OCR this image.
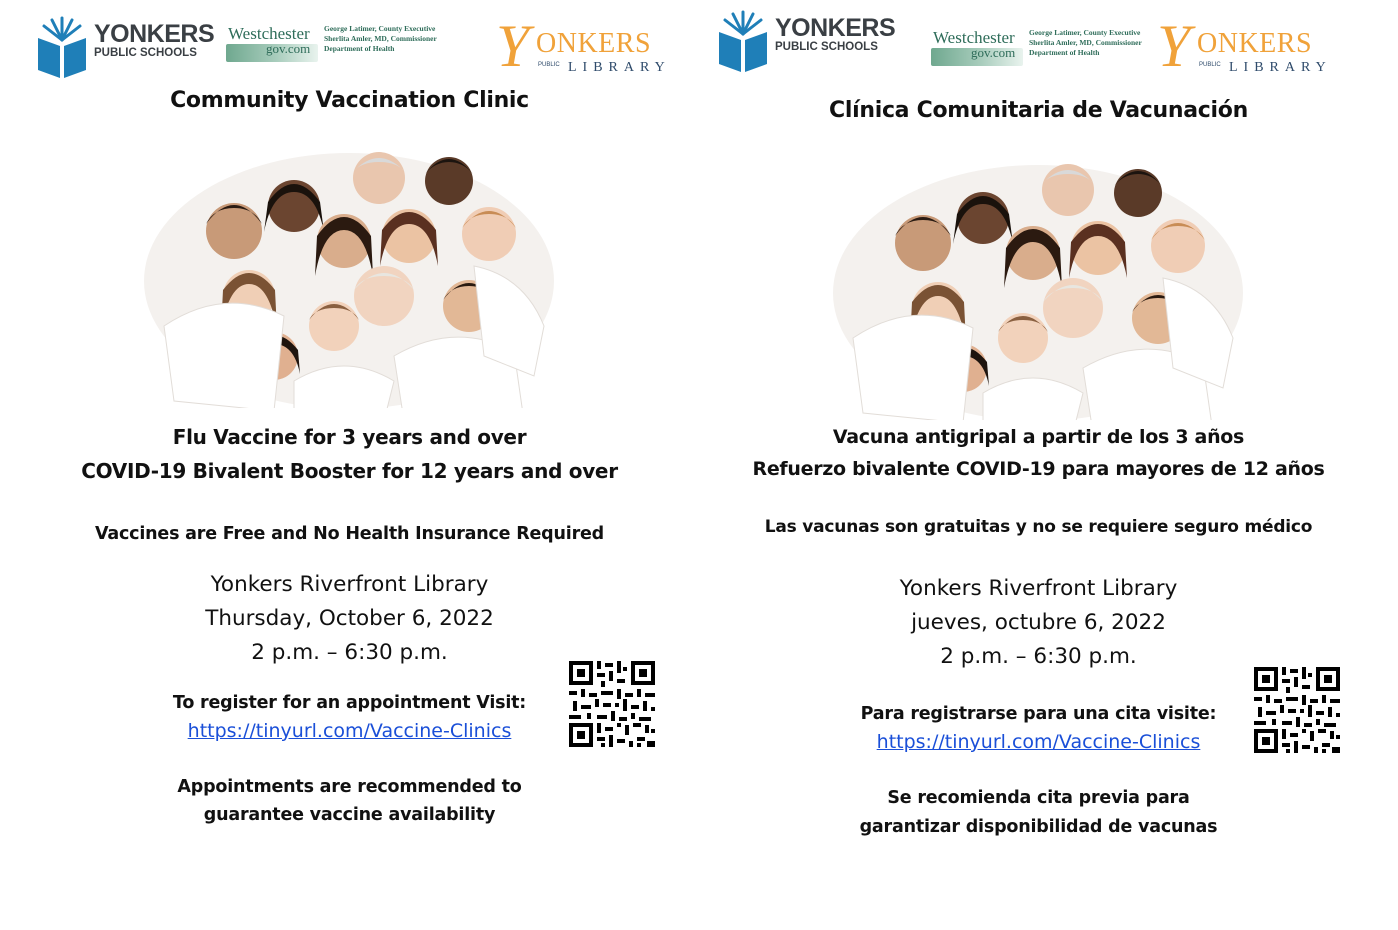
YONKERS
PUBLIC SCHOOLS
Westchester
gov.com
George Latimer, County Executive
Sherlita Amler, MD, Commissioner
Department of Health	Y ONKERS
PUBLIC LIBRARY
Community Vaccination Clinic
Flu Vaccine for 3 years and over
COVID-19 Bivalent Booster for 12 years and over
Vaccines are Free and No Health Insurance Required
Yonkers Riverfront Library
Thursday, October 6, 2022
2 p.m. – 6:30 p.m.
To register for an appointment Visit:
https://tinyurl.com/Vaccine-Clinics
Appointments are recommended to
guarantee vaccine availability
YONKERS
PUBLIC SCHOOLS	Westchester
gov.com
George Latimer, County Executive
Sherlita Amler, MD, Commissioner
Department of Health Y ONKERS
PUBLIC LIBRARY
Clínica Comunitaria de Vacunación
Vacuna antigripal a partir de los 3 años
Refuerzo bivalente COVID-19 para mayores de 12 años
Las vacunas son gratuitas y no se requiere seguro médico
Yonkers Riverfront Library
jueves, octubre 6, 2022
2 p.m. – 6:30 p.m.
Para registrarse para una cita visite:
https://tinyurl.com/Vaccine-Clinics
Se recomienda cita previa para
garantizar disponibilidad de vacunas
